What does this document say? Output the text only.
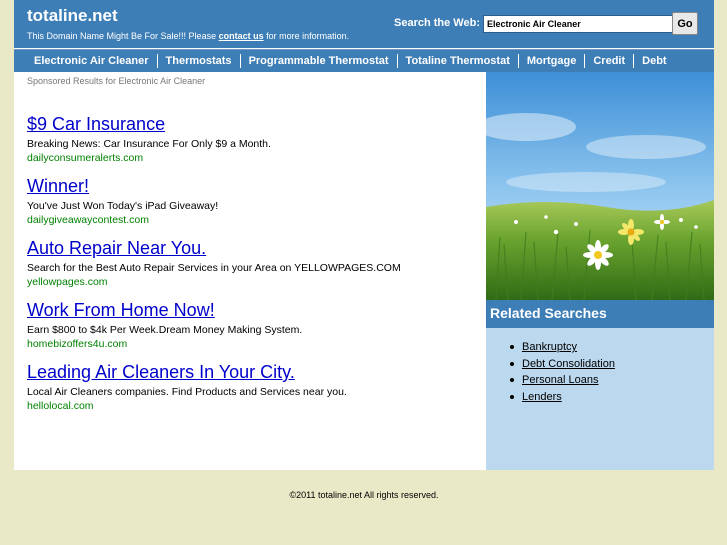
totaline.net
This Domain Name Might Be For Sale!!! Please contact us for more information.
Search the Web:
Electronic Air Cleaner	Go
Electronic Air Cleaner Thermostats Programmable Thermostat Totaline Thermostat Mortgage Credit Debt
Sponsored Results for Electronic Air Cleaner
$9 Car Insurance
Breaking News: Car Insurance For Only $9 a Month.
dailyconsumeralerts.com
Winner!
You've Just Won Today's iPad Giveaway!
dailygiveawaycontest.com
Auto Repair Near You.
Search for the Best Auto Repair Services in your Area on YELLOWPAGES.COM
yellowpages.com
Work From Home Now!
Earn $800 to $4k Per Week.Dream Money Making System.
homebizoffers4u.com
Leading Air Cleaners In Your City.
Local Air Cleaners companies. Find Products and Services near you.
hellolocal.com
Related Searches
Bankruptcy
Debt Consolidation
Personal Loans
Lenders
©2011 totaline.net All rights reserved.
